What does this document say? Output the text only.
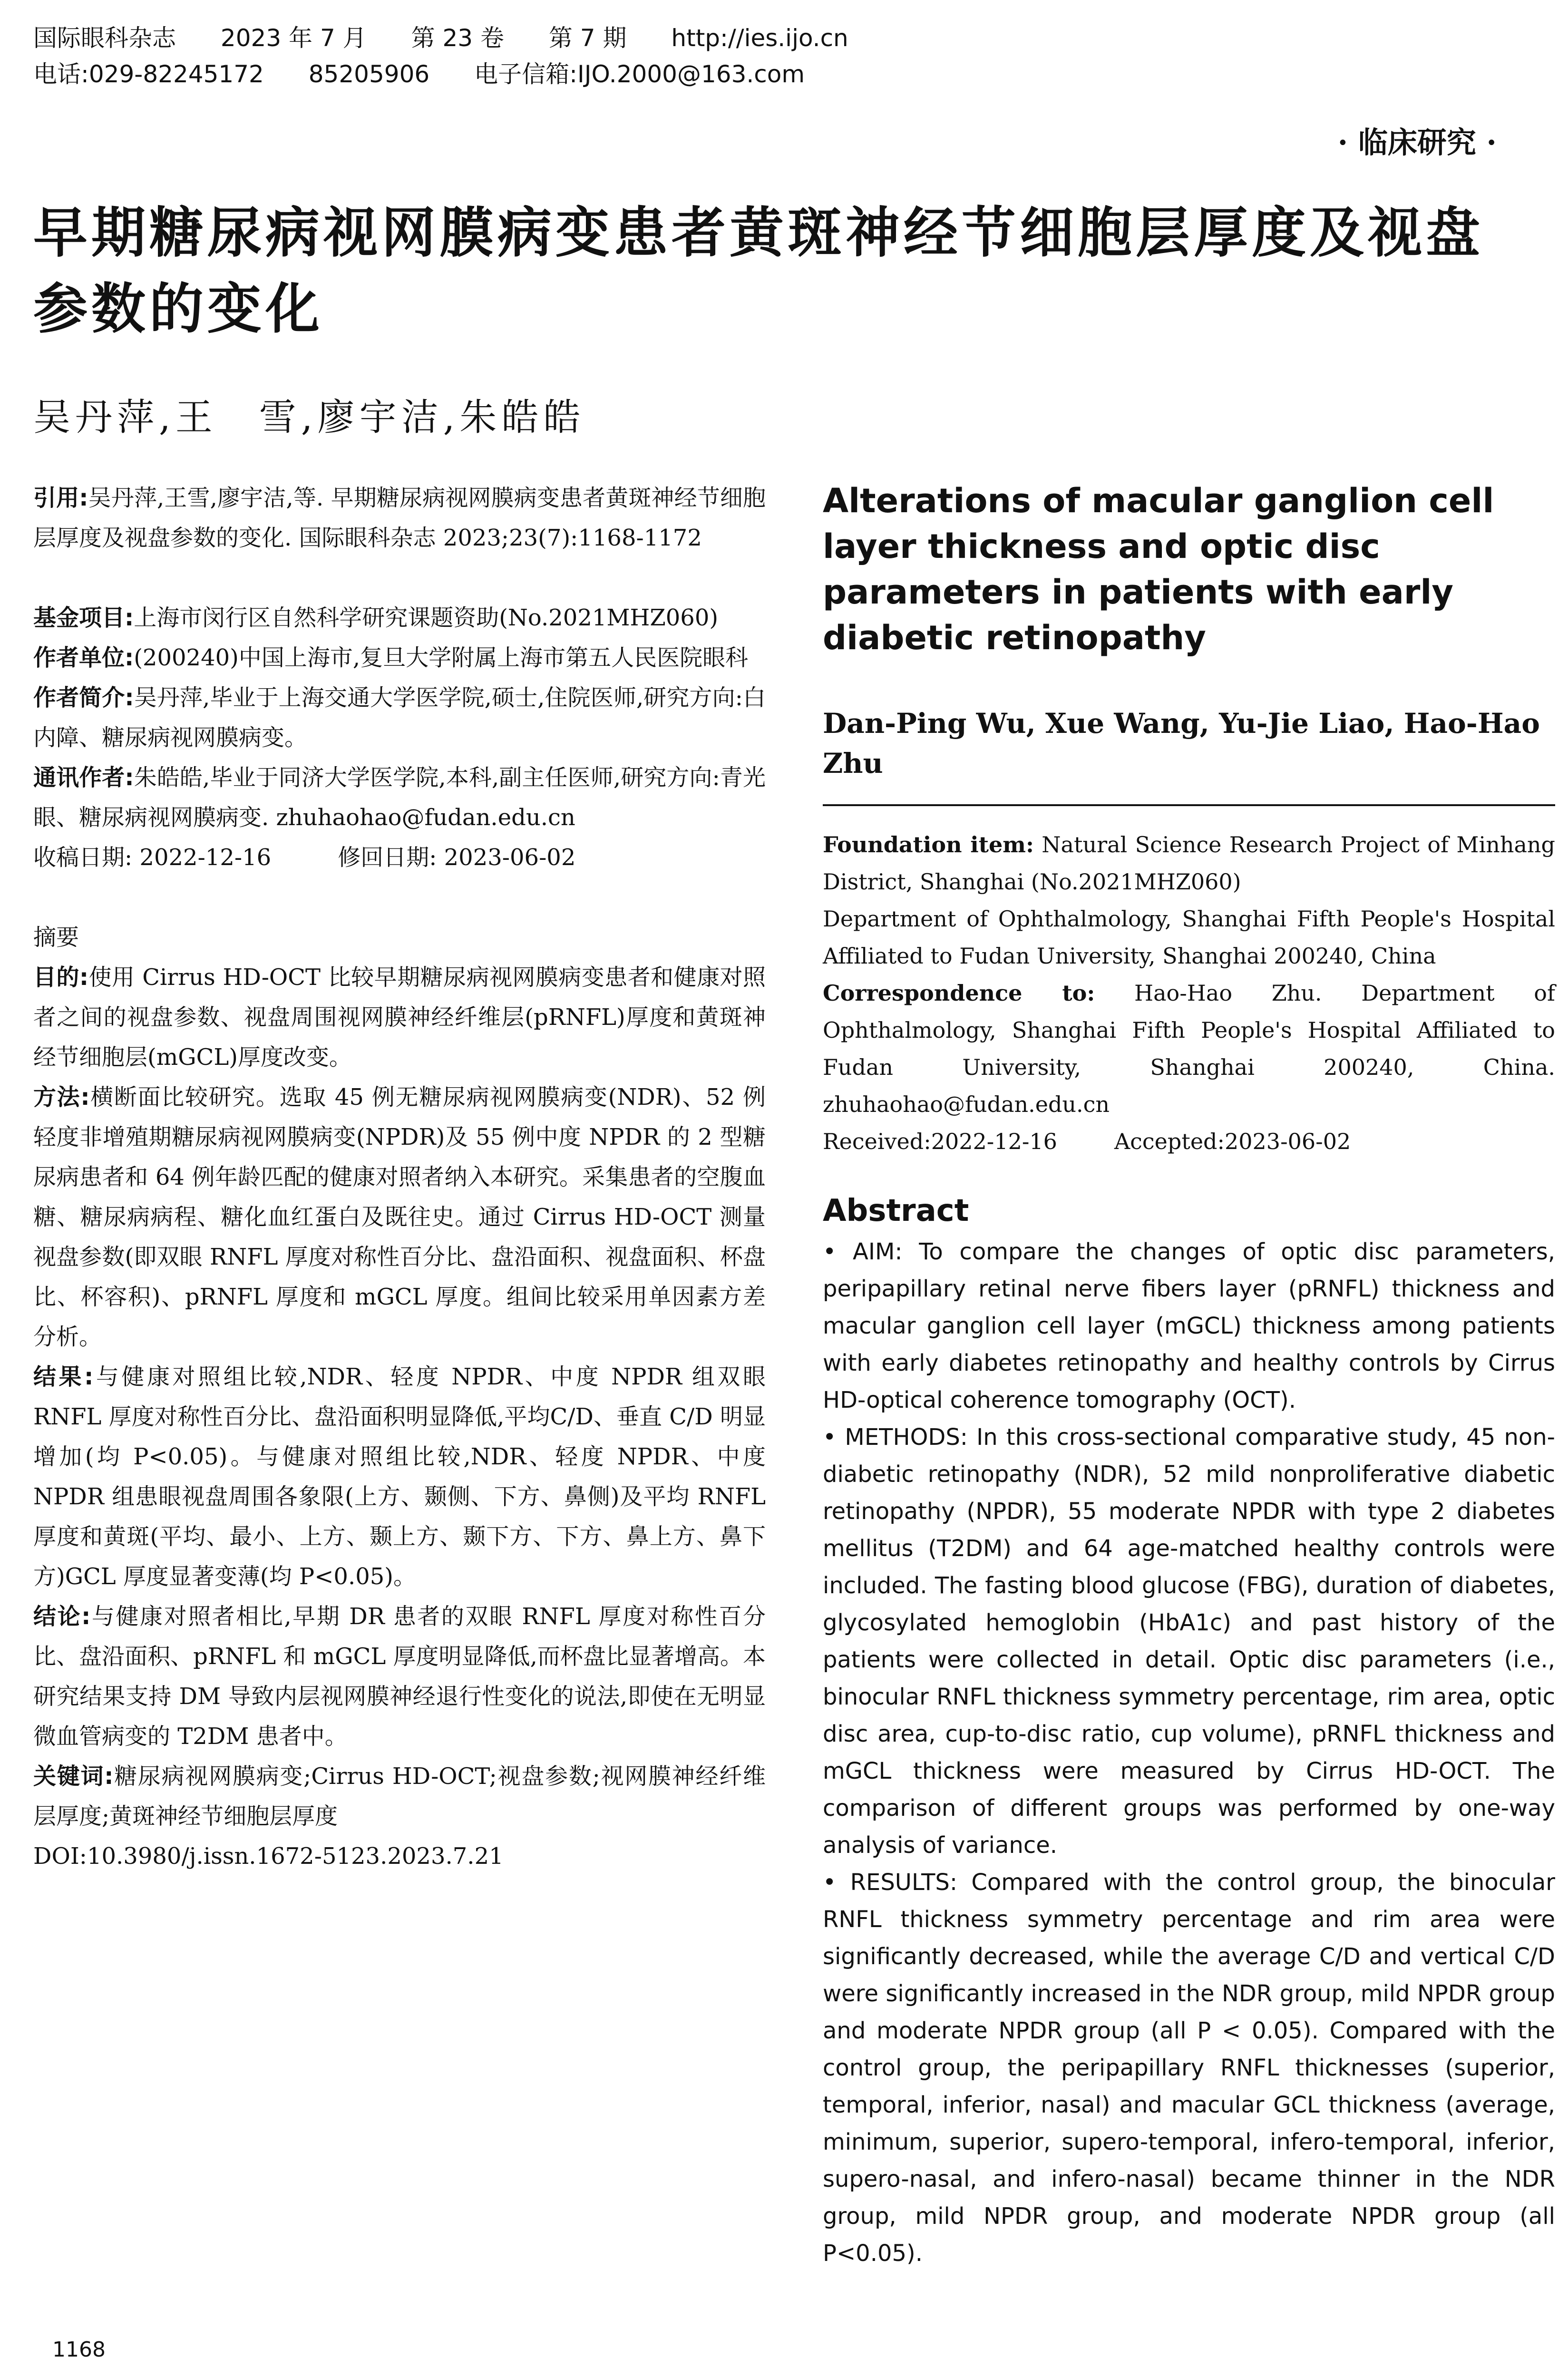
国际眼科杂志 2023 年 7 月 第 23 卷 第 7 期 http://ies.ijo.cn
电话:029-82245172 85205906 电子信箱:IJO.2000@163.com
· 临床研究 ·
早期糖尿病视网膜病变患者黄斑神经节细胞层厚度及视盘参数的变化
吴丹萍,王　雪,廖宇洁,朱皓皓

引用:吴丹萍,王雪,廖宇洁,等. 早期糖尿病视网膜病变患者黄斑神经节细胞层厚度及视盘参数的变化. 国际眼科杂志 2023;23(7):1168-1172

基金项目:上海市闵行区自然科学研究课题资助(No.2021MHZ060)

作者单位:(200240)中国上海市,复旦大学附属上海市第五人民医院眼科

作者简介:吴丹萍,毕业于上海交通大学医学院,硕士,住院医师,研究方向:白内障、糖尿病视网膜病变。

通讯作者:朱皓皓,毕业于同济大学医学院,本科,副主任医师,研究方向:青光眼、糖尿病视网膜病变. zhuhaohao@fudan.edu.cn

收稿日期: 2022-12-16	修回日期: 2023-06-02

摘要

目的:使用 Cirrus HD-OCT 比较早期糖尿病视网膜病变患者和健康对照者之间的视盘参数、视盘周围视网膜神经纤维层(pRNFL)厚度和黄斑神经节细胞层(mGCL)厚度改变。

方法:横断面比较研究。选取 45 例无糖尿病视网膜病变(NDR)、52 例轻度非增殖期糖尿病视网膜病变(NPDR)及 55 例中度 NPDR 的 2 型糖尿病患者和 64 例年龄匹配的健康对照者纳入本研究。采集患者的空腹血糖、糖尿病病程、糖化血红蛋白及既往史。通过 Cirrus HD-OCT 测量视盘参数(即双眼 RNFL 厚度对称性百分比、盘沿面积、视盘面积、杯盘比、杯容积)、pRNFL 厚度和 mGCL 厚度。组间比较采用单因素方差分析。

结果:与健康对照组比较,NDR、轻度 NPDR、中度 NPDR 组双眼 RNFL 厚度对称性百分比、盘沿面积明显降低,平均C/D、垂直 C/D 明显增加(均 P<0.05)。与健康对照组比较,NDR、轻度 NPDR、中度 NPDR 组患眼视盘周围各象限(上方、颞侧、下方、鼻侧)及平均 RNFL 厚度和黄斑(平均、最小、上方、颞上方、颞下方、下方、鼻上方、鼻下方)GCL 厚度显著变薄(均 P<0.05)。

结论:与健康对照者相比,早期 DR 患者的双眼 RNFL 厚度对称性百分比、盘沿面积、pRNFL 和 mGCL 厚度明显降低,而杯盘比显著增高。本研究结果支持 DM 导致内层视网膜神经退行性变化的说法,即使在无明显微血管病变的 T2DM 患者中。

关键词:糖尿病视网膜病变;Cirrus HD-OCT;视盘参数;视网膜神经纤维层厚度;黄斑神经节细胞层厚度

DOI:10.3980/j.issn.1672-5123.2023.7.21

Alterations of macular ganglion cell layer thickness and optic disc parameters in patients with early diabetic retinopathy

Dan-Ping Wu, Xue Wang, Yu-Jie Liao, Hao-Hao Zhu

Foundation item: Natural Science Research Project of Minhang District, Shanghai (No.2021MHZ060)

Department of Ophthalmology, Shanghai Fifth People's Hospital Affiliated to Fudan University, Shanghai 200240, China

Correspondence to: Hao-Hao Zhu. Department of Ophthalmology, Shanghai Fifth People's Hospital Affiliated to Fudan University, Shanghai 200240, China. zhuhaohao@fudan.edu.cn

Received:2022-12-16	Accepted:2023-06-02

Abstract

• AIM: To compare the changes of optic disc parameters, peripapillary retinal nerve fibers layer (pRNFL) thickness and macular ganglion cell layer (mGCL) thickness among patients with early diabetes retinopathy and healthy controls by Cirrus HD-optical coherence tomography (OCT).

• METHODS: In this cross-sectional comparative study, 45 non-diabetic retinopathy (NDR), 52 mild nonproliferative diabetic retinopathy (NPDR), 55 moderate NPDR with type 2 diabetes mellitus (T2DM) and 64 age-matched healthy controls were included. The fasting blood glucose (FBG), duration of diabetes, glycosylated hemoglobin (HbA1c) and past history of the patients were collected in detail. Optic disc parameters (i.e., binocular RNFL thickness symmetry percentage, rim area, optic disc area, cup-to-disc ratio, cup volume), pRNFL thickness and mGCL thickness were measured by Cirrus HD-OCT. The comparison of different groups was performed by one-way analysis of variance.

• RESULTS: Compared with the control group, the binocular RNFL thickness symmetry percentage and rim area were significantly decreased, while the average C/D and vertical C/D were significantly increased in the NDR group, mild NPDR group and moderate NPDR group (all P < 0.05). Compared with the control group, the peripapillary RNFL thicknesses (superior, temporal, inferior, nasal) and macular GCL thickness (average, minimum, superior, supero-temporal, infero-temporal, inferior, supero-nasal, and infero-nasal) became thinner in the NDR group, mild NPDR group, and moderate NPDR group (all P<0.05).

1168
